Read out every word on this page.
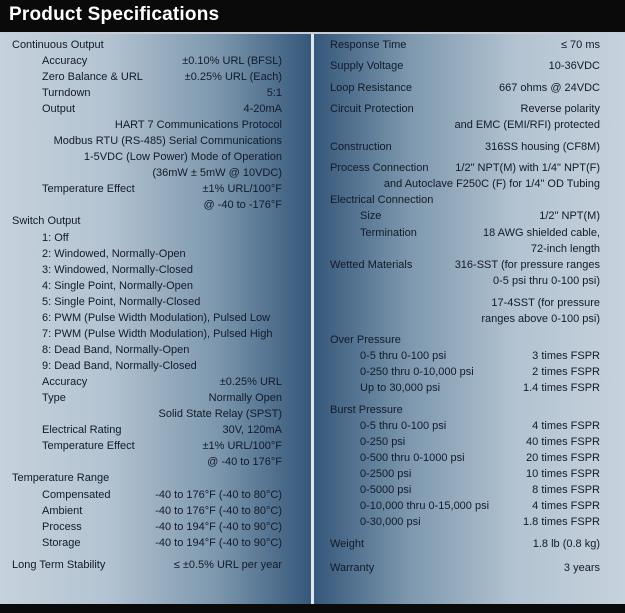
Product Specifications
Continuous Output
Accuracy	±0.10% URL (BFSL)
Zero Balance & URL	±0.25% URL (Each)
Turndown	5:1
Output	4-20mA
HART 7 Communications Protocol
Modbus RTU (RS-485) Serial Communications
1-5VDC (Low Power) Mode of Operation
(36mW ± 5mW @ 10VDC)
Temperature Effect	±1% URL/100°F
@ -40 to -176°F
Switch Output
1: Off
2: Windowed, Normally-Open
3: Windowed, Normally-Closed
4: Single Point, Normally-Open
5: Single Point, Normally-Closed
6: PWM (Pulse Width Modulation), Pulsed Low
7: PWM (Pulse Width Modulation), Pulsed High
8: Dead Band, Normally-Open
9: Dead Band, Normally-Closed
Accuracy	±0.25% URL
Type	Normally Open
Solid State Relay (SPST)
Electrical Rating	30V, 120mA
Temperature Effect	±1% URL/100°F
@ -40 to 176°F
Temperature Range
Compensated	-40 to 176°F (-40 to 80°C)
Ambient	-40 to 176°F (-40 to 80°C)
Process	-40 to 194°F (-40 to 90°C)
Storage	-40 to 194°F (-40 to 90°C)
Long Term Stability	≤ ±0.5% URL per year
Response Time	≤ 70 ms
Supply Voltage	10-36VDC
Loop Resistance	667 ohms @ 24VDC
Circuit Protection	Reverse polarity
and EMC (EMI/RFI) protected
Construction	316SS housing (CF8M)
Process Connection 1/2" NPT(M) with 1/4" NPT(F)
and Autoclave F250C (F) for 1/4" OD Tubing
Electrical Connection
Size	1/2" NPT(M)
Termination	18 AWG shielded cable,
72-inch length
Wetted Materials	316-SST (for pressure ranges
0-5 psi thru 0-100 psi)
17-4SST (for pressure
ranges above 0-100 psi)
Over Pressure
0-5 thru 0-100 psi	3 times FSPR
0-250 thru 0-10,000 psi	2 times FSPR
Up to 30,000 psi	1.4 times FSPR
Burst Pressure
0-5 thru 0-100 psi	4 times FSPR
0-250 psi	40 times FSPR
0-500 thru 0-1000 psi	20 times FSPR
0-2500 psi	10 times FSPR
0-5000 psi	8 times FSPR
0-10,000 thru 0-15,000 psi	4 times FSPR
0-30,000 psi	1.8 times FSPR
Weight	1.8 lb (0.8 kg)
Warranty	3 years
